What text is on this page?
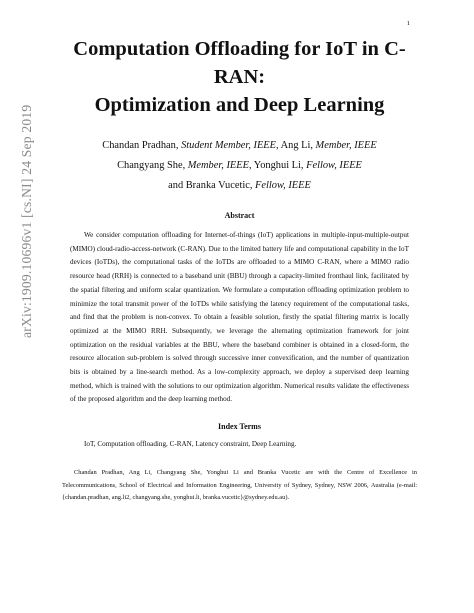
1
arXiv:1909.10696v1 [cs.NI] 24 Sep 2019
Computation Offloading for IoT in C-RAN:
Optimization and Deep Learning
Chandan Pradhan, Student Member, IEEE, Ang Li, Member, IEEE
Changyang She, Member, IEEE, Yonghui Li, Fellow, IEEE
and Branka Vucetic, Fellow, IEEE
Abstract

We consider computation offloading for Internet-of-things (IoT) applications in multiple-input-multiple-output (MIMO) cloud-radio-access-network (C-RAN). Due to the limited battery life and computational capability in the IoT devices (IoTDs), the computational tasks of the IoTDs are offloaded to a MIMO C-RAN, where a MIMO radio resource head (RRH) is connected to a baseband unit (BBU) through a capacity-limited fronthaul link, facilitated by the spatial filtering and uniform scalar quantization. We formulate a computation offloading optimization problem to minimize the total transmit power of the IoTDs while satisfying the latency requirement of the computational tasks, and find that the problem is non-convex. To obtain a feasible solution, firstly the spatial filtering matrix is locally optimized at the MIMO RRH. Subsequently, we leverage the alternating optimization framework for joint optimization on the residual variables at the BBU, where the baseband combiner is obtained in a closed-form, the resource allocation sub-problem is solved through successive inner convexification, and the number of quantization bits is obtained by a line-search method. As a low-complexity approach, we deploy a supervised deep learning method, which is trained with the solutions to our optimization algorithm. Numerical results validate the effectiveness of the proposed algorithm and the deep learning method.

Index Terms

IoT, Computation offloading, C-RAN, Latency constraint, Deep Learning.

Chandan Pradhan, Ang Li, Changyang She, Yonghui Li and Branka Vucetic are with the Centre of Excellence in Telecommunications, School of Electrical and Information Engineering, University of Sydney, Sydney, NSW 2006, Australia (e-mail: {chandan.pradhan, ang.li2, changyang.she, yonghui.li, branka.vucetic}@sydney.edu.au).
